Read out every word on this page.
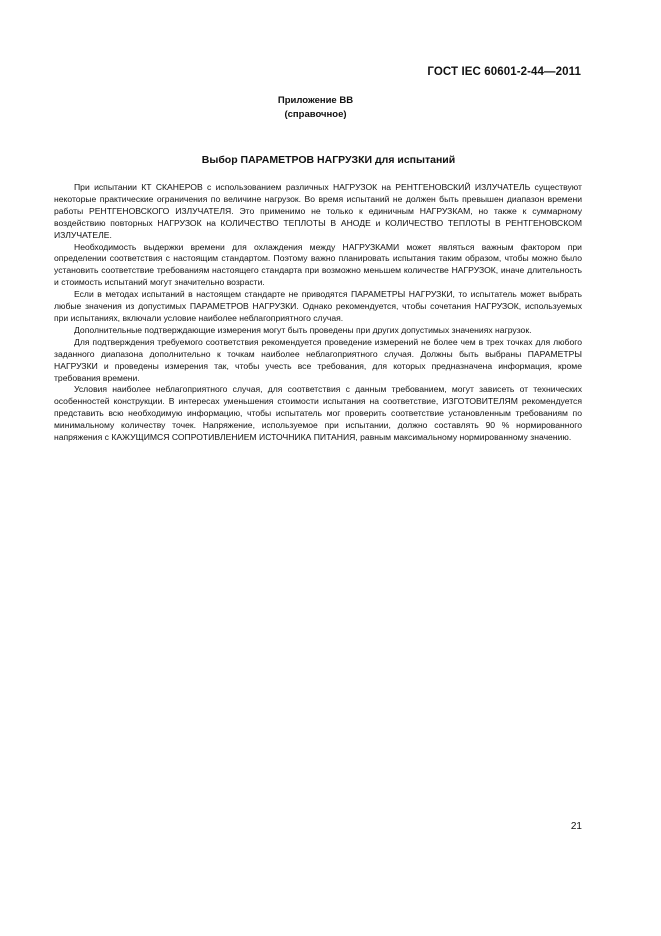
ГОСТ IEC 60601-2-44—2011
Приложение ВВ
(справочное)
Выбор ПАРАМЕТРОВ НАГРУЗКИ для испытаний

При испытании КТ СКАНЕРОВ с использованием различных НАГРУЗОК на РЕНТГЕНОВСКИЙ ИЗЛУЧАТЕЛЬ существуют некоторые практические ограничения по величине нагрузок. Во время испытаний не должен быть превышен диапазон времени работы РЕНТГЕНОВСКОГО ИЗЛУЧАТЕЛЯ. Это применимо не только к единичным НАГРУЗКАМ, но также к суммарному воздействию повторных НАГРУЗОК на КОЛИЧЕСТВО ТЕПЛОТЫ В АНОДЕ и КОЛИЧЕСТВО ТЕПЛОТЫ В РЕНТГЕНОВСКОМ ИЗЛУЧАТЕЛЕ.

Необходимость выдержки времени для охлаждения между НАГРУЗКАМИ может являться важным фактором при определении соответствия с настоящим стандартом. Поэтому важно планировать испытания таким образом, чтобы можно было установить соответствие требованиям настоящего стандарта при возможно меньшем количестве НАГРУЗОК, иначе длительность и стоимость испытаний могут значительно возрасти.

Если в методах испытаний в настоящем стандарте не приводятся ПАРАМЕТРЫ НАГРУЗКИ, то испытатель может выбрать любые значения из допустимых ПАРАМЕТРОВ НАГРУЗКИ. Однако рекомендуется, чтобы сочетания НАГРУЗОК, используемых при испытаниях, включали условие наиболее неблагоприятного случая.

Дополнительные подтверждающие измерения могут быть проведены при других допустимых значениях нагрузок.

Для подтверждения требуемого соответствия рекомендуется проведение измерений не более чем в трех точках для любого заданного диапазона дополнительно к точкам наиболее неблагоприятного случая. Должны быть выбраны ПАРАМЕТРЫ НАГРУЗКИ и проведены измерения так, чтобы учесть все требования, для которых предназначена информация, кроме требования времени.

Условия наиболее неблагоприятного случая, для соответствия с данным требованием, могут зависеть от технических особенностей конструкции. В интересах уменьшения стоимости испытания на соответствие, ИЗГОТОВИТЕЛЯМ рекомендуется представить всю необходимую информацию, чтобы испытатель мог проверить соответствие установленным требованиям по минимальному количеству точек. Напряжение, используемое при испытании, должно составлять 90 % нормированного напряжения с КАЖУЩИМСЯ СОПРОТИВЛЕНИЕМ ИСТОЧНИКА ПИТАНИЯ, равным максимальному нормированному значению.

21
